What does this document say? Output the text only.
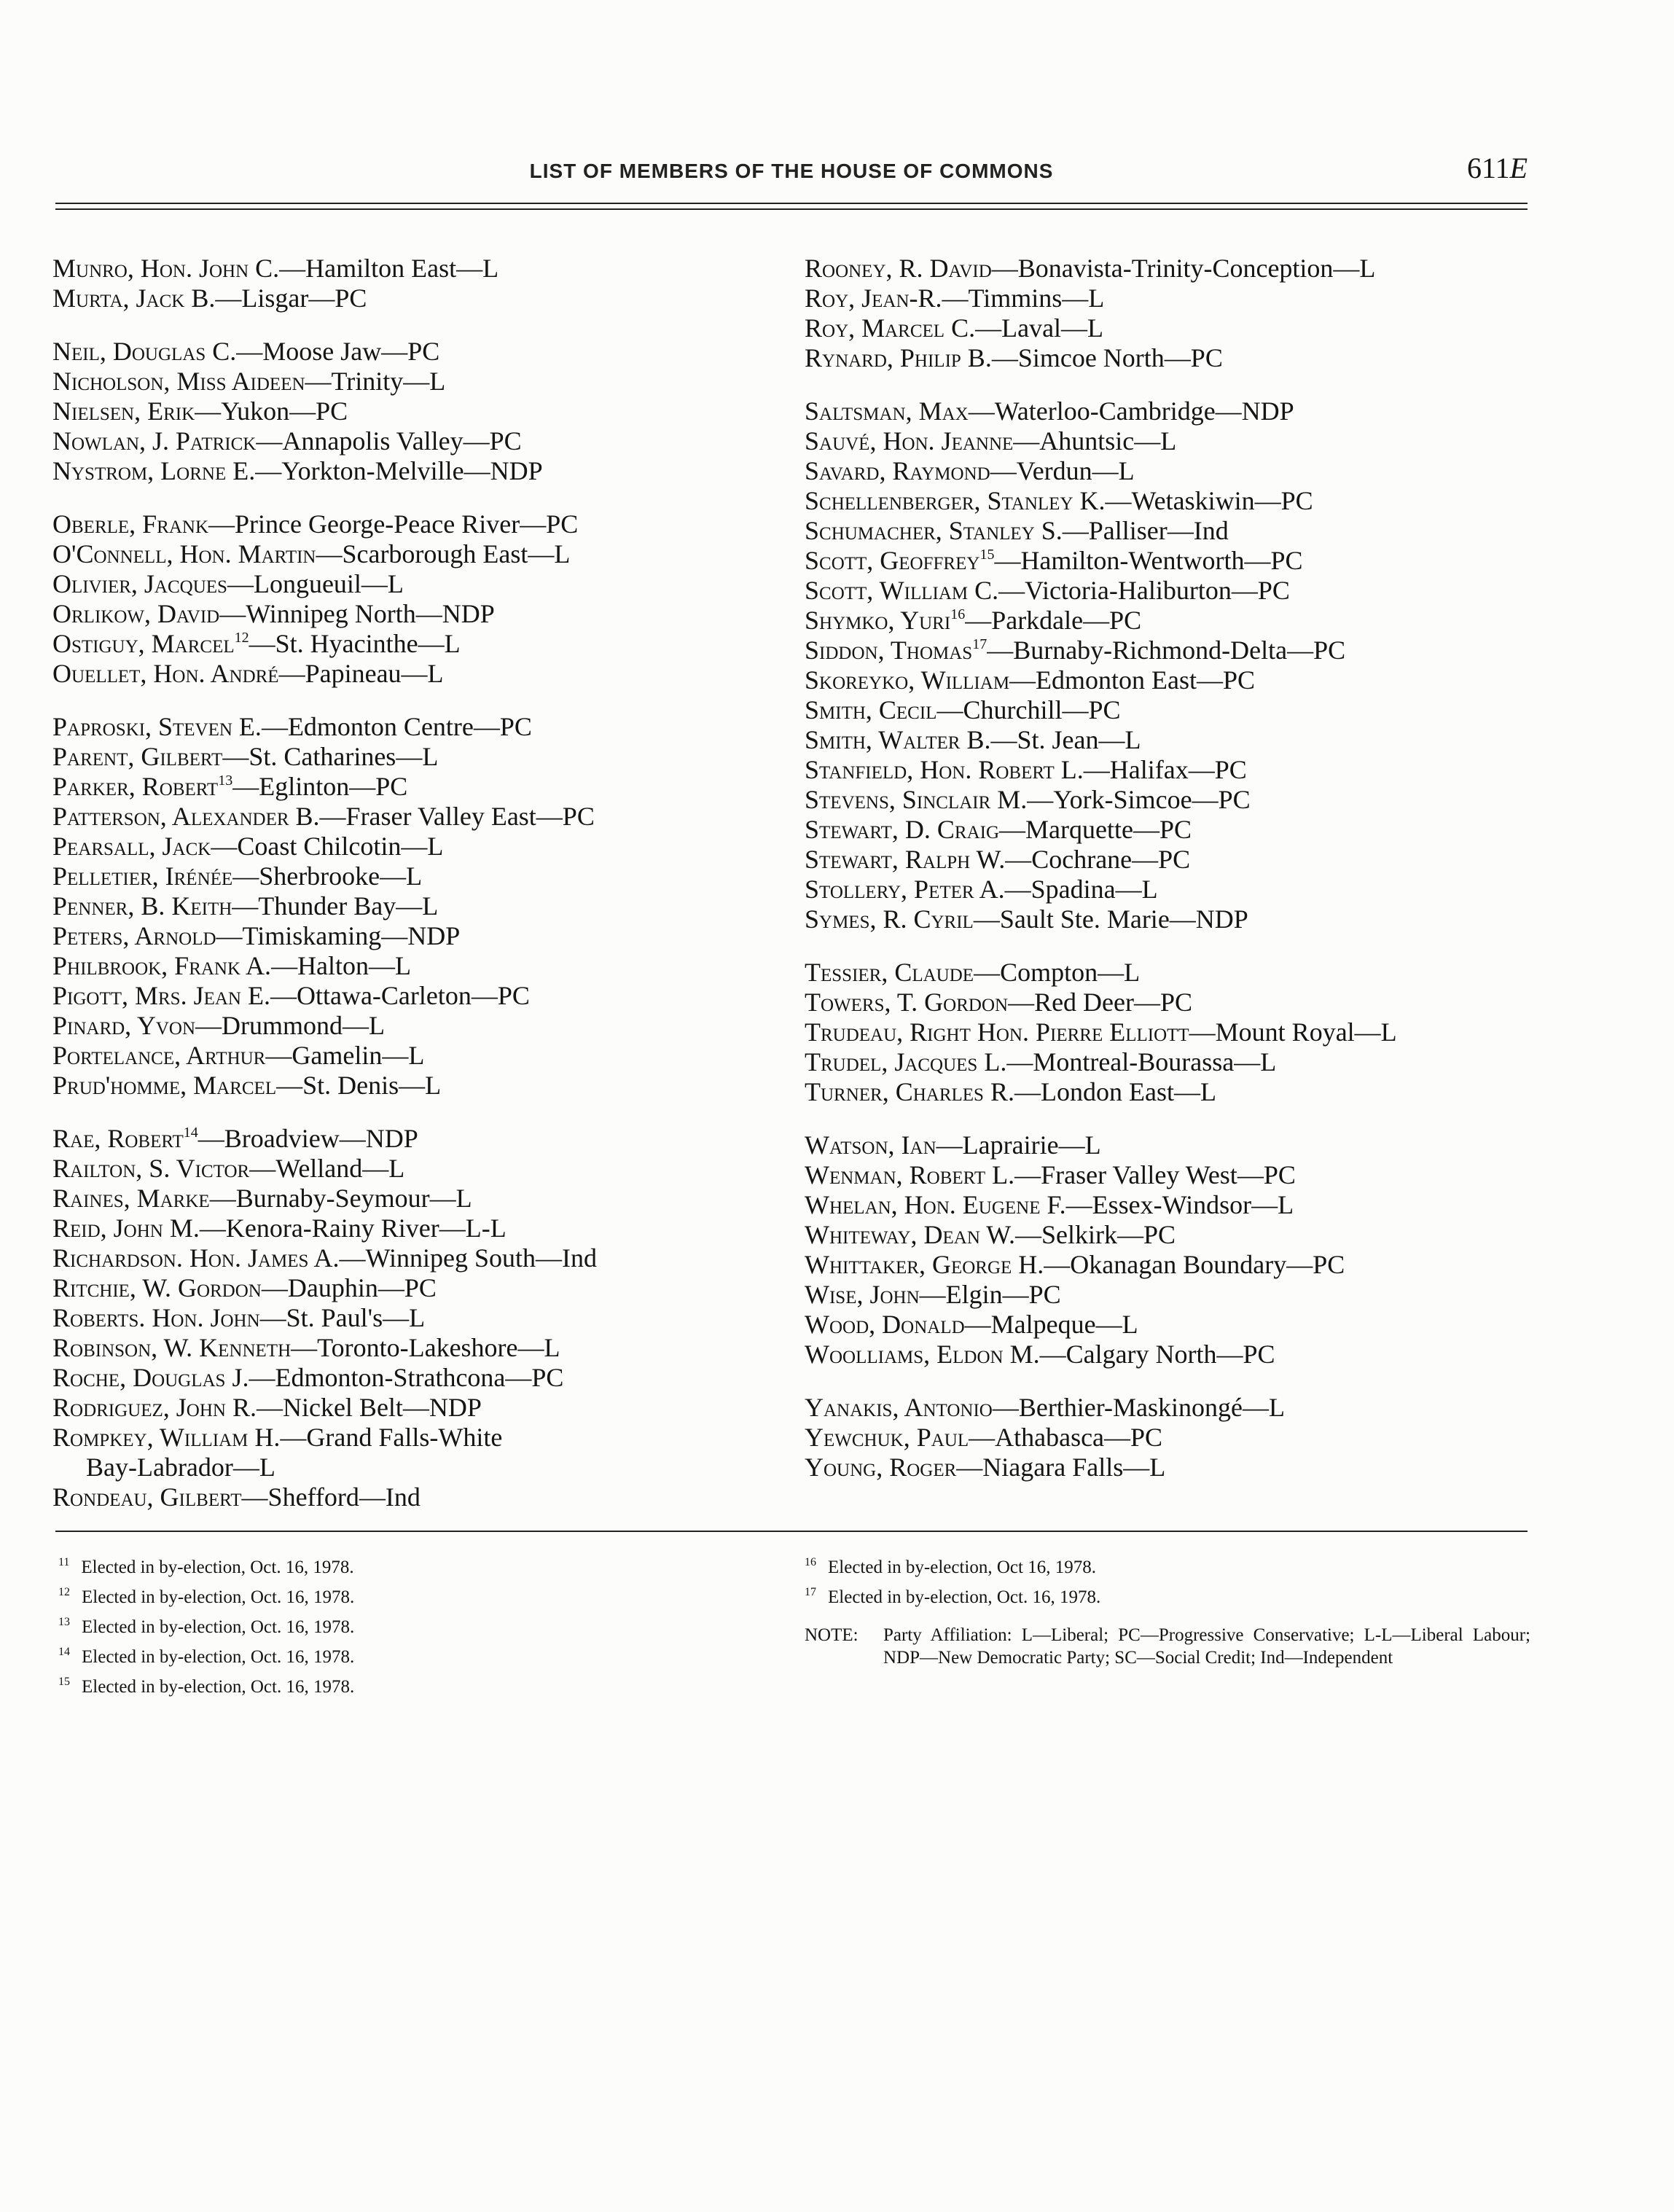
LIST OF MEMBERS OF THE HOUSE OF COMMONS	611E
Munro, Hon. John C.—Hamilton East—L
Murta, Jack B.—Lisgar—PC
Neil, Douglas C.—Moose Jaw—PC
Nicholson, Miss Aideen—Trinity—L
Nielsen, Erik—Yukon—PC
Nowlan, J. Patrick—Annapolis Valley—PC
Nystrom, Lorne E.—Yorkton-Melville—NDP
Oberle, Frank—Prince George-Peace River—PC
O'Connell, Hon. Martin—Scarborough East—L
Olivier, Jacques—Longueuil—L
Orlikow, David—Winnipeg North—NDP
Ostiguy, Marcel$^{12}$—St. Hyacinthe—L
Ouellet, Hon. André—Papineau—L
Paproski, Steven E.—Edmonton Centre—PC
Parent, Gilbert—St. Catharines—L
Parker, Robert$^{13}$—Eglinton—PC
Patterson, Alexander B.—Fraser Valley East—PC
Pearsall, Jack—Coast Chilcotin—L
Pelletier, Irénée—Sherbrooke—L
Penner, B. Keith—Thunder Bay—L
Peters, Arnold—Timiskaming—NDP
Philbrook, Frank A.—Halton—L
Pigott, Mrs. Jean E.—Ottawa-Carleton—PC
Pinard, Yvon—Drummond—L
Portelance, Arthur—Gamelin—L
Prud'homme, Marcel—St. Denis—L
Rae, Robert$^{14}$—Broadview—NDP
Railton, S. Victor—Welland—L
Raines, Marke—Burnaby-Seymour—L
Reid, John M.—Kenora-Rainy River—L-L
Richardson. Hon. James A.—Winnipeg South—Ind
Ritchie, W. Gordon—Dauphin—PC
Roberts. Hon. John—St. Paul's—L
Robinson, W. Kenneth—Toronto-Lakeshore—L
Roche, Douglas J.—Edmonton-Strathcona—PC
Rodriguez, John R.—Nickel Belt—NDP
Rompkey, William H.—Grand Falls-White
Bay-Labrador—L
Rondeau, Gilbert—Shefford—Ind
Rooney, R. David—Bonavista-Trinity-Conception—L
Roy, Jean-R.—Timmins—L
Roy, Marcel C.—Laval—L
Rynard, Philip B.—Simcoe North—PC
Saltsman, Max—Waterloo-Cambridge—NDP
Sauvé, Hon. Jeanne—Ahuntsic—L
Savard, Raymond—Verdun—L
Schellenberger, Stanley K.—Wetaskiwin—PC
Schumacher, Stanley S.—Palliser—Ind
Scott, Geoffrey$^{15}$—Hamilton-Wentworth—PC
Scott, William C.—Victoria-Haliburton—PC
Shymko, Yuri$^{16}$—Parkdale—PC
Siddon, Thomas$^{17}$—Burnaby-Richmond-Delta—PC
Skoreyko, William—Edmonton East—PC
Smith, Cecil—Churchill—PC
Smith, Walter B.—St. Jean—L
Stanfield, Hon. Robert L.—Halifax—PC
Stevens, Sinclair M.—York-Simcoe—PC
Stewart, D. Craig—Marquette—PC
Stewart, Ralph W.—Cochrane—PC
Stollery, Peter A.—Spadina—L
Symes, R. Cyril—Sault Ste. Marie—NDP
Tessier, Claude—Compton—L
Towers, T. Gordon—Red Deer—PC
Trudeau, Right Hon. Pierre Elliott—Mount Royal—L
Trudel, Jacques L.—Montreal-Bourassa—L
Turner, Charles R.—London East—L
Watson, Ian—Laprairie—L
Wenman, Robert L.—Fraser Valley West—PC
Whelan, Hon. Eugene F.—Essex-Windsor—L
Whiteway, Dean W.—Selkirk—PC
Whittaker, George H.—Okanagan Boundary—PC
Wise, John—Elgin—PC
Wood, Donald—Malpeque—L
Woolliams, Eldon M.—Calgary North—PC
Yanakis, Antonio—Berthier-Maskinongé—L
Yewchuk, Paul—Athabasca—PC
Young, Roger—Niagara Falls—L
$^{11}$ Elected in by-election, Oct. 16, 1978.
$^{12}$ Elected in by-election, Oct. 16, 1978.
$^{13}$ Elected in by-election, Oct. 16, 1978.
$^{14}$ Elected in by-election, Oct. 16, 1978.
$^{15}$ Elected in by-election, Oct. 16, 1978.
$^{16}$ Elected in by-election, Oct 16, 1978.
$^{17}$ Elected in by-election, Oct. 16, 1978.
NOTE:	Party Affiliation: L—Liberal; PC—Progressive Conservative; L-L—Liberal Labour; NDP—New Democratic Party; SC—Social Credit; Ind—Independent
